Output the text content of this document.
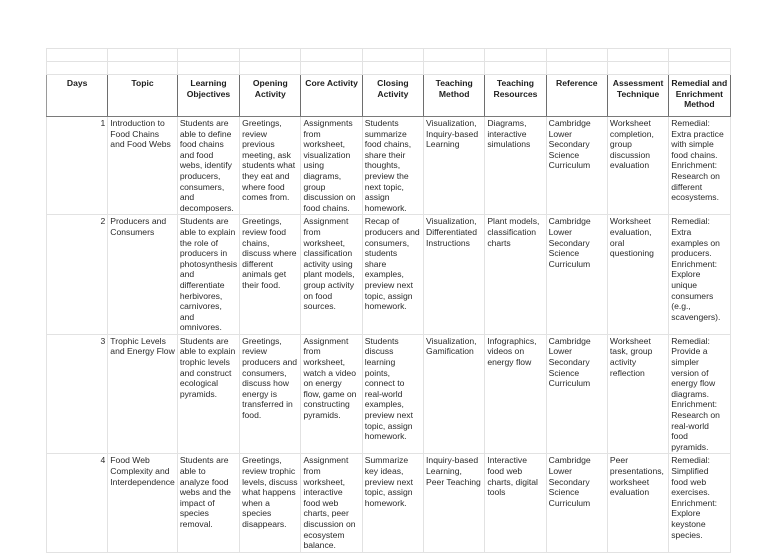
Days	Topic	Learning Objectives	Opening Activity	Core Activity	Closing Activity	Teaching Method	Teaching Resources	Reference	Assessment Technique	Remedial and Enrichment Method
1	Introduction to Food Chains and Food Webs	Students are able to define food chains and food webs, identify producers, consumers, and decomposers.	Greetings, review previous meeting, ask students what they eat and where food comes from.	Assignments from worksheet, visualization using diagrams, group discussion on food chains.	Students summarize food chains, share their thoughts, preview the next topic, assign homework.	Visualization, Inquiry-based Learning	Diagrams, interactive simulations	Cambridge Lower Secondary Science Curriculum	Worksheet completion, group discussion evaluation	Remedial: Extra practice with simple food chains. Enrichment: Research on different ecosystems.
2	Producers and Consumers	Students are able to explain the role of producers in photosynthesis and differentiate herbivores, carnivores, and omnivores.	Greetings, review food chains, discuss where different animals get their food.	Assignment from worksheet, classification activity using plant models, group activity on food sources.	Recap of producers and consumers, students share examples, preview next topic, assign homework.	Visualization, Differentiated Instructions	Plant models, classification charts	Cambridge Lower Secondary Science Curriculum	Worksheet evaluation, oral questioning	Remedial: Extra examples on producers. Enrichment: Explore unique consumers (e.g., scavengers).
3	Trophic Levels and Energy Flow	Students are able to explain trophic levels and construct ecological pyramids.	Greetings, review producers and consumers, discuss how energy is transferred in food.	Assignment from worksheet, watch a video on energy flow, game on constructing pyramids.	Students discuss learning points, connect to real-world examples, preview next topic, assign homework.	Visualization, Gamification	Infographics, videos on energy flow	Cambridge Lower Secondary Science Curriculum	Worksheet task, group activity reflection	Remedial: Provide a simpler version of energy flow diagrams. Enrichment: Research on real-world food pyramids.
4	Food Web Complexity and Interdependence	Students are able to analyze food webs and the impact of species removal.	Greetings, review trophic levels, discuss what happens when a species disappears.	Assignment from worksheet, interactive food web charts, peer discussion on ecosystem balance.	Summarize key ideas, preview next topic, assign homework.	Inquiry-based Learning, Peer Teaching	Interactive food web charts, digital tools	Cambridge Lower Secondary Science Curriculum	Peer presentations, worksheet evaluation	Remedial: Simplified food web exercises. Enrichment: Explore keystone species.
